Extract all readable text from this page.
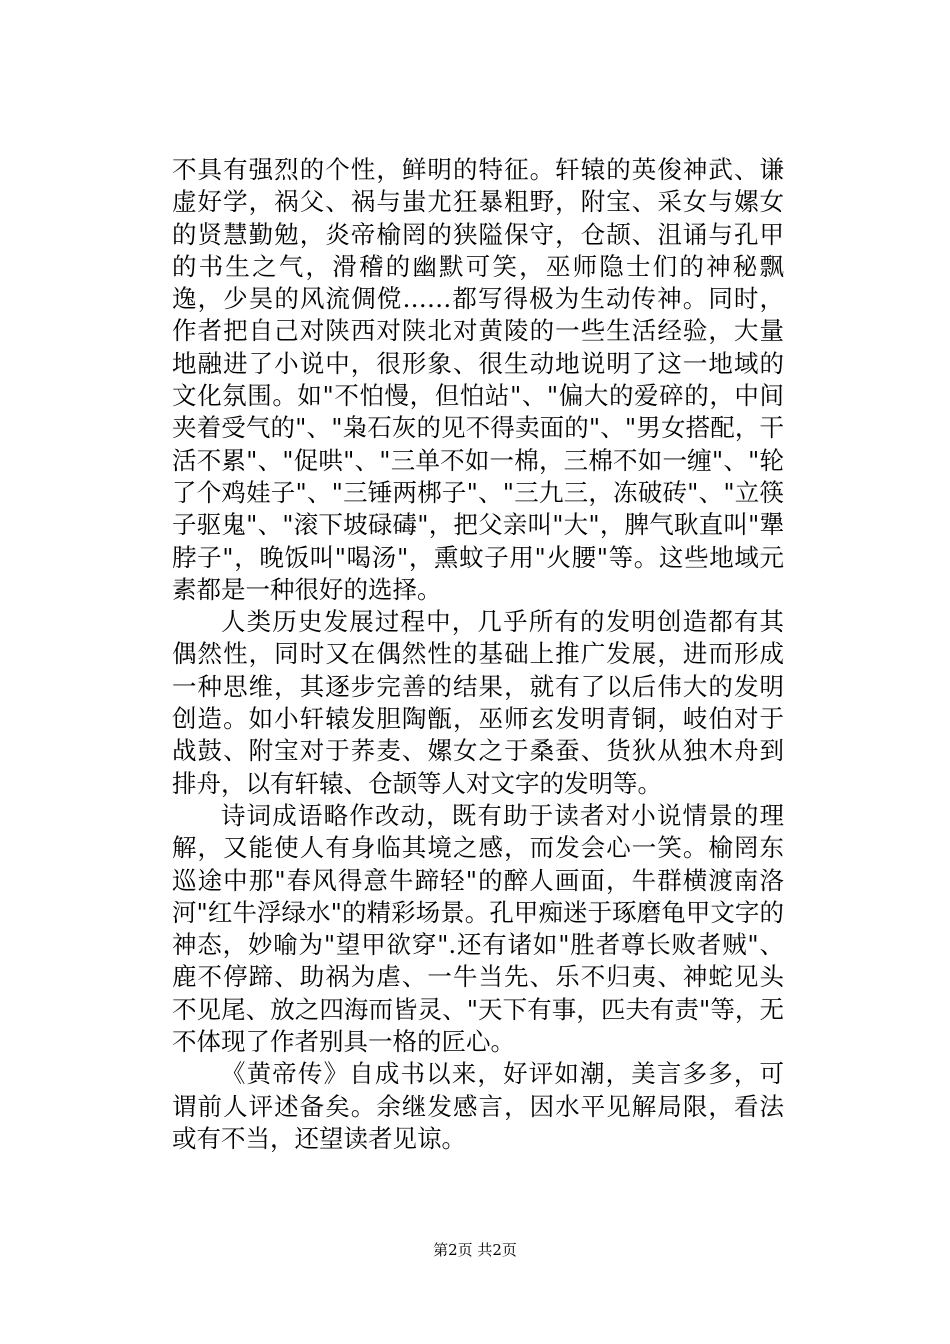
不具有强烈的个性，鲜明的特征。轩辕的英俊神武、谦虚好学，祸父、祸与蚩尤狂暴粗野，附宝、采女与嫘女的贤慧勤勉，炎帝榆罔的狭隘保守，仓颉、沮诵与孔甲的书生之气，滑稽的幽默可笑，巫师隐士们的神秘飘逸，少昊的风流倜傥……都写得极为生动传神。同时，作者把自己对陕西对陕北对黄陵的一些生活经验，大量地融进了小说中，很形象、很生动地说明了这一地域的文化氛围。如"不怕慢，但怕站"、"偏大的爱碎的，中间夹着受气的"、"枭石灰的见不得卖面的"、"男女搭配，干活不累"、"促哄"、"三单不如一棉，三棉不如一缠"、"轮了个鸡娃子"、"三锤两梆子"、"三九三，冻破砖"、"立筷子驱鬼"、"滚下坡碌碡"，把父亲叫"大"，脾气耿直叫"犟脖子"，晚饭叫"喝汤"，熏蚊子用"火腰"等。这些地域元素都是一种很好的选择。

人类历史发展过程中，几乎所有的发明创造都有其偶然性，同时又在偶然性的基础上推广发展，进而形成一种思维，其逐步完善的结果，就有了以后伟大的发明创造。如小轩辕发胆陶甑，巫师玄发明青铜，岐伯对于战鼓、附宝对于荞麦、嫘女之于桑蚕、货狄从独木舟到排舟，以有轩辕、仓颉等人对文字的发明等。

诗词成语略作改动，既有助于读者对小说情景的理解，又能使人有身临其境之感，而发会心一笑。榆罔东巡途中那"春风得意牛蹄轻"的醉人画面，牛群横渡南洛河"红牛浮绿水"的精彩场景。孔甲痴迷于琢磨龟甲文字的神态，妙喻为"望甲欲穿".还有诸如"胜者尊长败者贼"、鹿不停蹄、助祸为虐、一牛当先、乐不归夷、神蛇见头不见尾、放之四海而皆灵、"天下有事，匹夫有责"等，无不体现了作者别具一格的匠心。

《黄帝传》自成书以来，好评如潮，美言多多，可谓前人评述备矣。余继发感言，因水平见解局限，看法或有不当，还望读者见谅。

第2页 共2页
